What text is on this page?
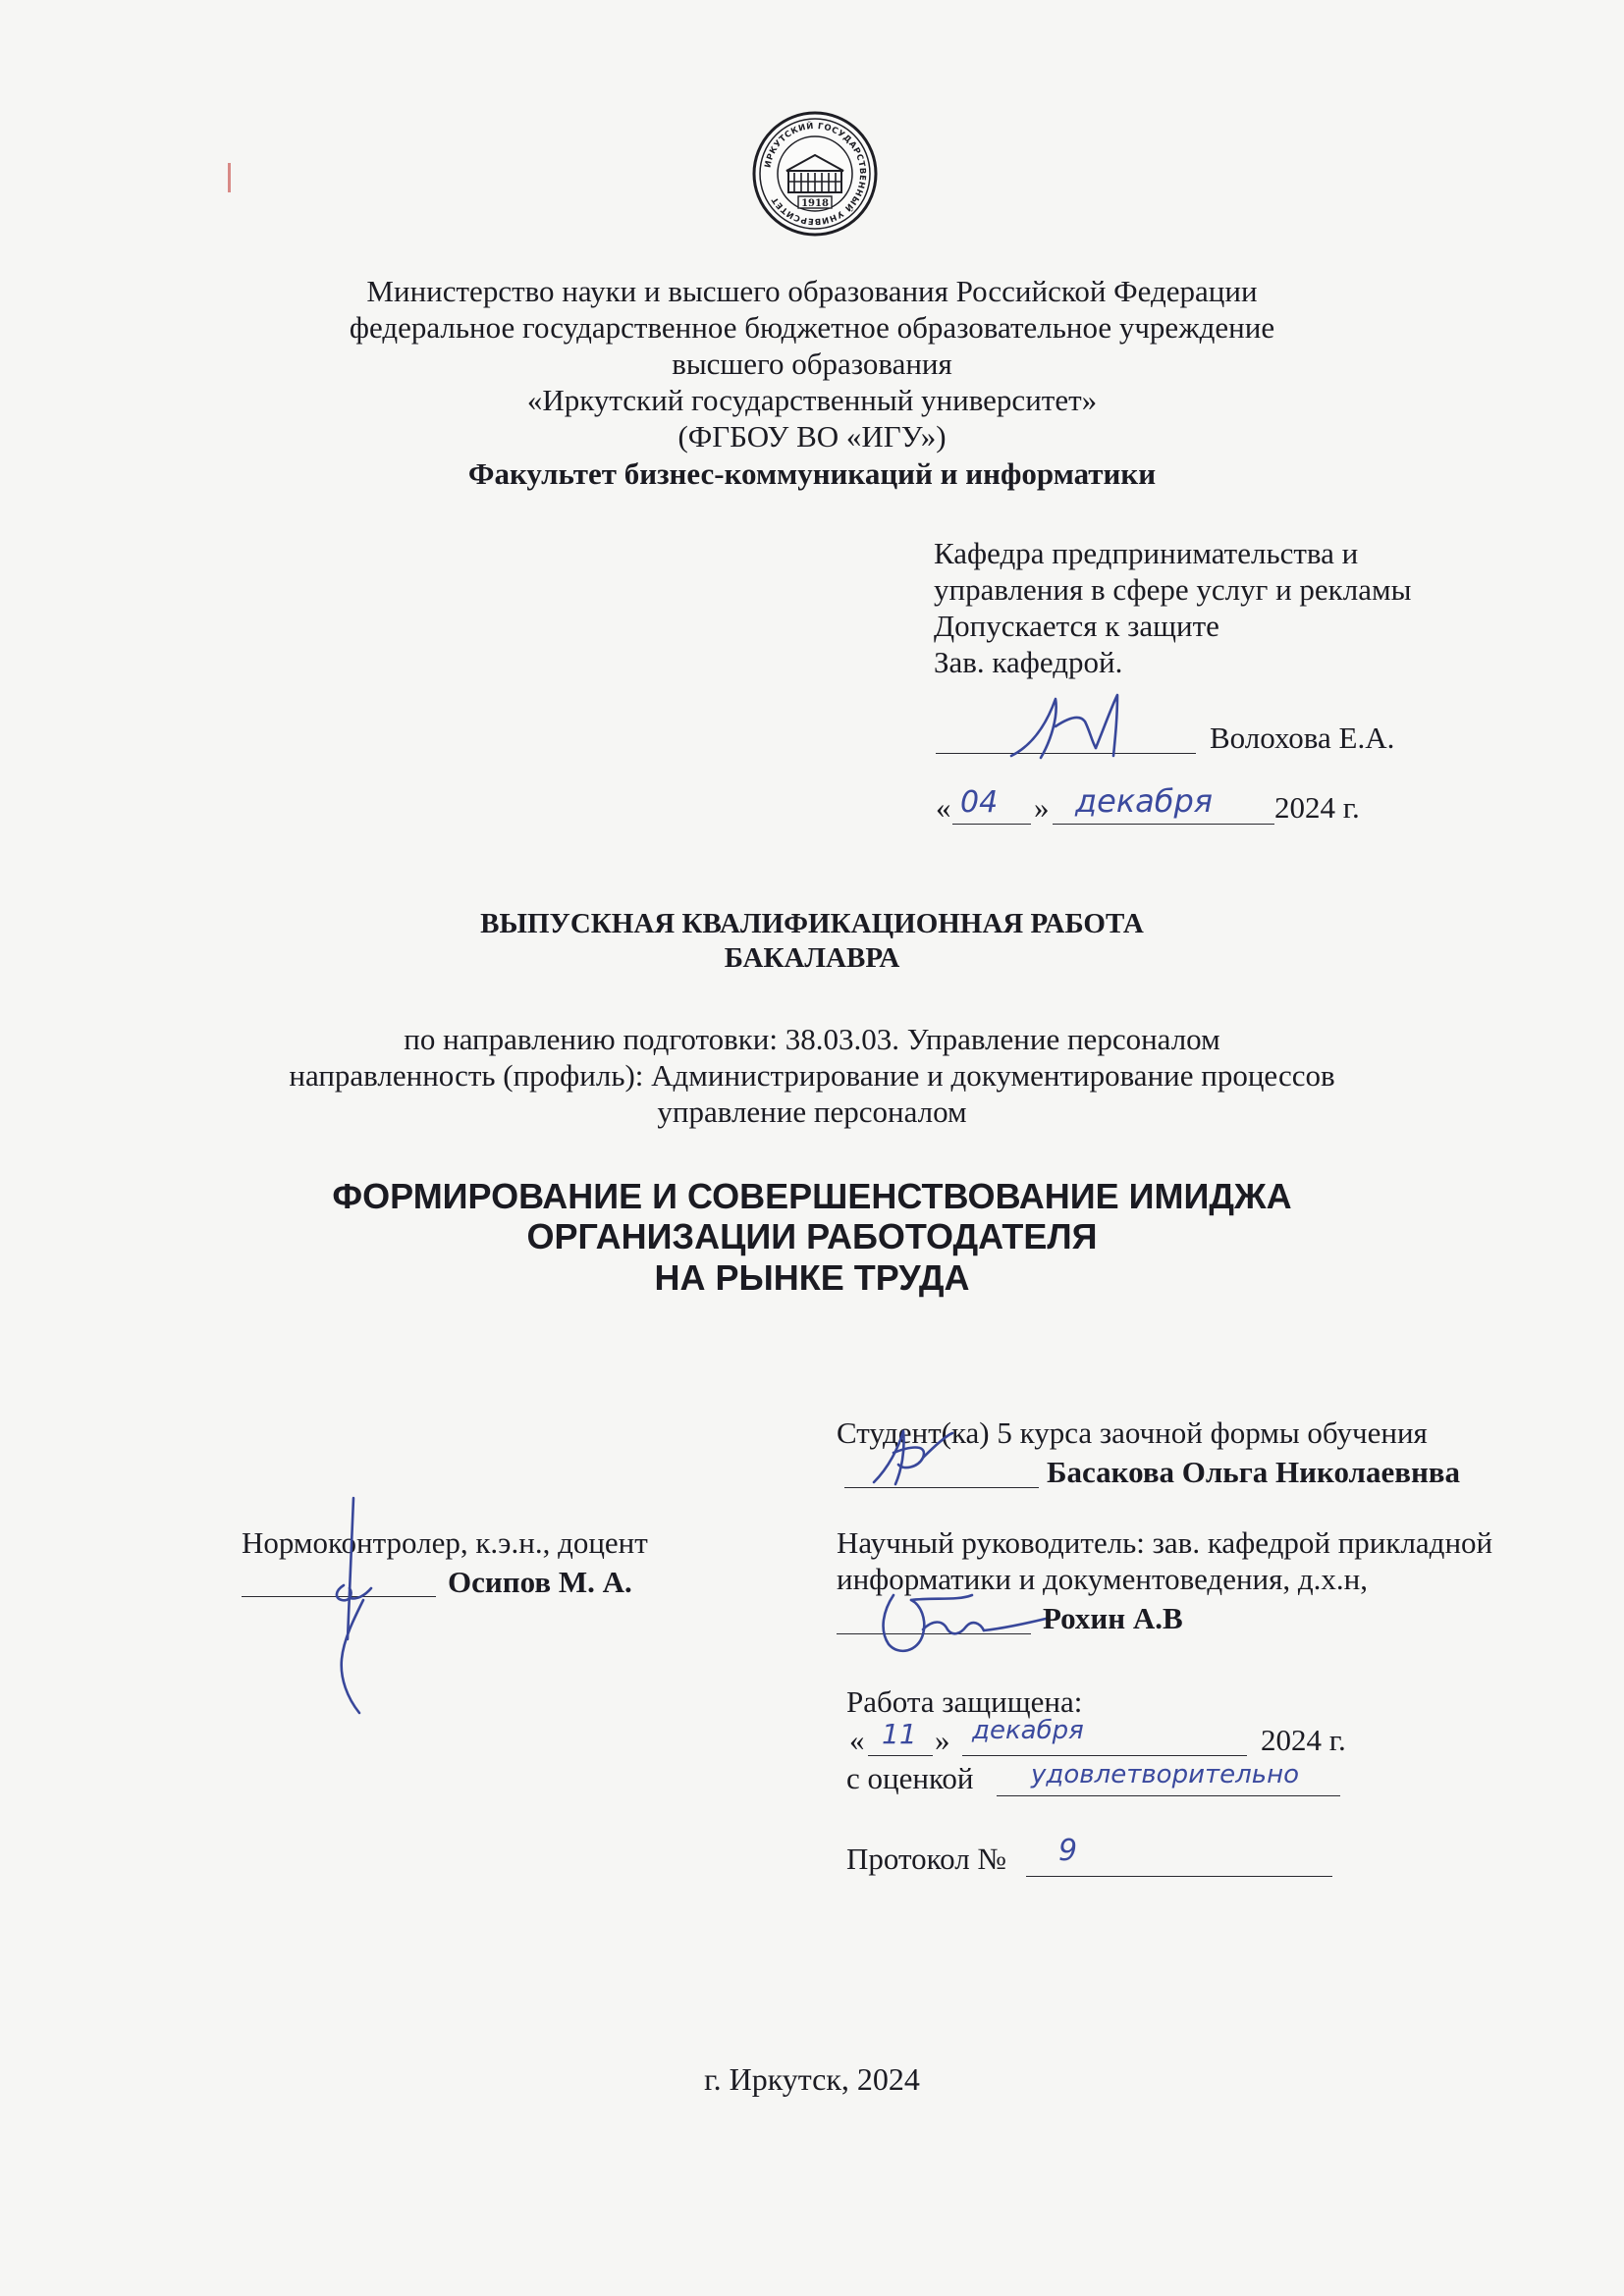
ИРКУТСКИЙ ГОСУДАРСТВЕННЫЙ УНИВЕРСИТЕТ	1918
Министерство науки и высшего образования Российской Федерации
федеральное государственное бюджетное образовательное учреждение
высшего образования
«Иркутский государственный университет»
(ФГБОУ ВО «ИГУ»)
Факультет бизнес-коммуникаций и информатики
Кафедра предпринимательства и
управления в сфере услуг и рекламы
Допускается к защите
Зав. кафедрой.
Волохова Е.А.
« 04 » декабря 2024 г.
ВЫПУСКНАЯ КВАЛИФИКАЦИОННАЯ РАБОТА
БАКАЛАВРА
по направлению подготовки: 38.03.03. Управление персоналом
направленность (профиль): Администрирование и документирование процессов
управление персоналом
ФОРМИРОВАНИЕ И СОВЕРШЕНСТВОВАНИЕ ИМИДЖА
ОРГАНИЗАЦИИ РАБОТОДАТЕЛЯ
НА РЫНКЕ ТРУДА
Студент(ка) 5 курса заочной формы обучения
Басакова Ольга Николаевнва
Нормоконтролер, к.э.н., доцент
Осипов М. А.
Научный руководитель: зав. кафедрой прикладной
информатики и документоведения, д.х.н,
Рохин А.В
Работа защищена:
« 11 » декабря	2024 г.
с оценкой удовлетворительно
Протокол № 9
г. Иркутск, 2024
